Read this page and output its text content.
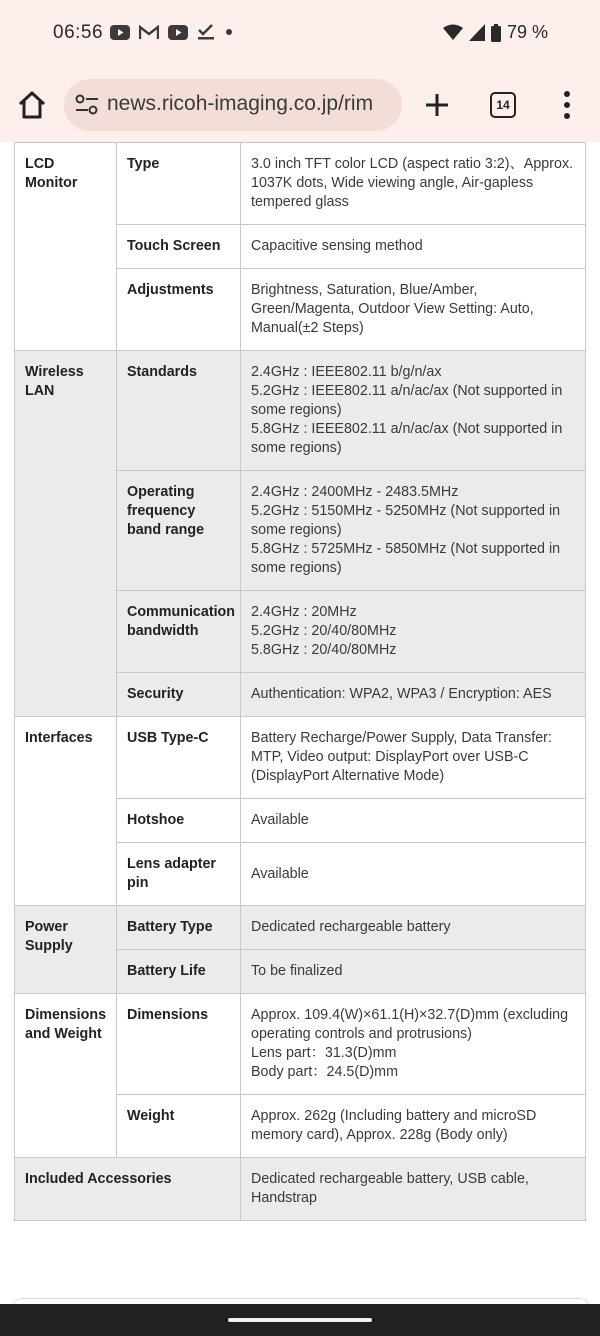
06:56	79 %
news.ricoh-imaging.co.jp/rim	14
LCD Monitor	Type	3.0 inch TFT color LCD (aspect ratio 3:2)、Approx. 1037K dots, Wide viewing angle, Air-gapless tempered glass
	Touch Screen	Capacitive sensing method
	Adjustments	Brightness, Saturation, Blue/Amber, Green/Magenta, Outdoor View Setting: Auto, Manual(±2 Steps)
Wireless LAN	Standards	2.4GHz : IEEE802.11 b/g/n/ax
5.2GHz : IEEE802.11 a/n/ac/ax (Not supported in some regions)
5.8GHz : IEEE802.11 a/n/ac/ax (Not supported in some regions)
	Operating frequency band range	2.4GHz : 2400MHz - 2483.5MHz
5.2GHz : 5150MHz - 5250MHz (Not supported in some regions)
5.8GHz : 5725MHz - 5850MHz (Not supported in some regions)
	Communication bandwidth	2.4GHz : 20MHz
5.2GHz : 20/40/80MHz
5.8GHz : 20/40/80MHz
	Security	Authentication: WPA2, WPA3 / Encryption: AES
Interfaces	USB Type-C	Battery Recharge/Power Supply, Data Transfer: MTP, Video output: DisplayPort over USB-C (DisplayPort Alternative Mode)
	Hotshoe	Available
	Lens adapter pin	Available
Power Supply	Battery Type	Dedicated rechargeable battery
	Battery Life	To be finalized
Dimensions and Weight	Dimensions	Approx. 109.4(W)×61.1(H)×32.7(D)mm (excluding operating controls and protrusions)
Lens part：31.3(D)mm
Body part：24.5(D)mm
	Weight	Approx. 262g (Including battery and microSD memory card), Approx. 228g (Body only)
Included Accessories		Dedicated rechargeable battery, USB cable, Handstrap
